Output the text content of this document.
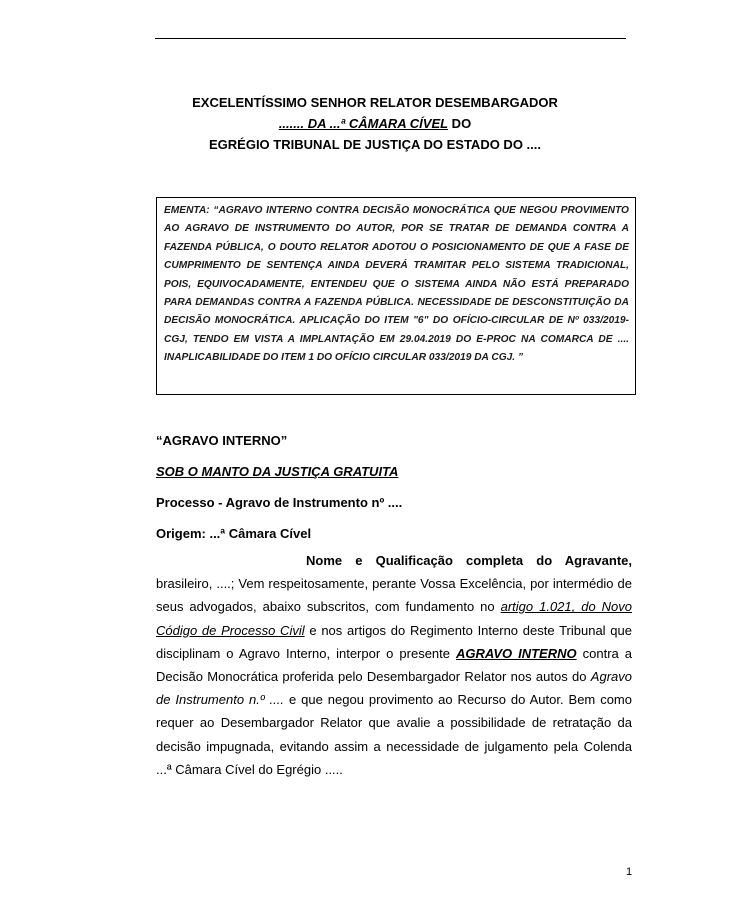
EXCELENTÍSSIMO SENHOR RELATOR DESEMBARGADOR
....... DA ...ª CÂMARA CÍVEL DO
EGRÉGIO TRIBUNAL DE JUSTIÇA DO ESTADO DO ....

EMENTA: “AGRAVO INTERNO CONTRA DECISÃO MONOCRÁTICA QUE NEGOU PROVIMENTO AO AGRAVO DE INSTRUMENTO DO AUTOR, POR SE TRATAR DE DEMANDA CONTRA A FAZENDA PÚBLICA, O DOUTO RELATOR ADOTOU O POSICIONAMENTO DE QUE A FASE DE CUMPRIMENTO DE SENTENÇA AINDA DEVERÁ TRAMITAR PELO SISTEMA TRADICIONAL, POIS, EQUIVOCADAMENTE, ENTENDEU QUE O SISTEMA AINDA NÃO ESTÁ PREPARADO PARA DEMANDAS CONTRA A FAZENDA PÚBLICA. NECESSIDADE DE DESCONSTITUIÇÃO DA DECISÃO MONOCRÁTICA. APLICAÇÃO DO ITEM "6" DO OFÍCIO-CIRCULAR DE Nº 033/2019-CGJ, TENDO EM VISTA A IMPLANTAÇÃO EM 29.04.2019 DO E-PROC NA COMARCA DE .... INAPLICABILIDADE DO ITEM 1 DO OFÍCIO CIRCULAR 033/2019 DA CGJ. ”

“AGRAVO INTERNO”
SOB O MANTO DA JUSTIÇA GRATUITA
Processo - Agravo de Instrumento nº ....
Origem: ...ª Câmara Cível
Nome e Qualificação completa do Agravante, brasileiro, ....; Vem respeitosamente, perante Vossa Excelência, por intermédio de seus advogados, abaixo subscritos, com fundamento no artigo 1.021, do Novo Código de Processo Civil e nos artigos do Regimento Interno deste Tribunal que disciplinam o Agravo Interno, interpor o presente AGRAVO INTERNO contra a Decisão Monocrática proferida pelo Desembargador Relator nos autos do Agravo de Instrumento n.º .... e que negou provimento ao Recurso do Autor. Bem como requer ao Desembargador Relator que avalie a possibilidade de retratação da decisão impugnada, evitando assim a necessidade de julgamento pela Colenda ...ª Câmara Cível do Egrégio .....
1
